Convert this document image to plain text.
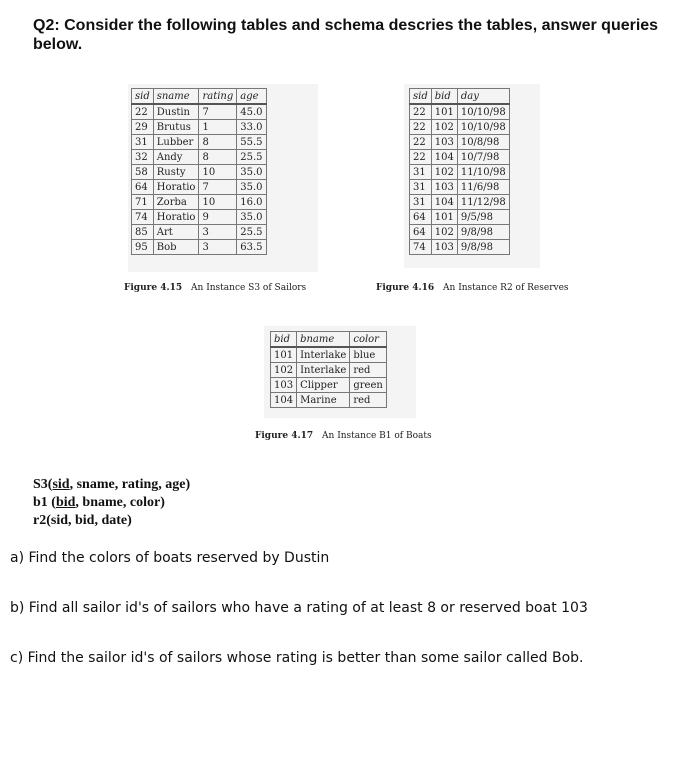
Q2: Consider the following tables and schema descries the tables, answer queries below.
sid	sname	rating	age
22	Dustin	7	45.0
29	Brutus	1	33.0
31	Lubber	8	55.5
32	Andy	8	25.5
58	Rusty	10	35.0
64	Horatio	7	35.0
71	Zorba	10	16.0
74	Horatio	9	35.0
85	Art	3	25.5
95	Bob	3	63.5
Figure 4.15 An Instance S3 of Sailors
sid	bid	day
22	101	10/10/98
22	102	10/10/98
22	103	10/8/98
22	104	10/7/98
31	102	11/10/98
31	103	11/6/98
31	104	11/12/98
64	101	9/5/98
64	102	9/8/98
74	103	9/8/98
Figure 4.16 An Instance R2 of Reserves
bid	bname	color
101	Interlake	blue
102	Interlake	red
103	Clipper	green
104	Marine	red
Figure 4.17 An Instance B1 of Boats
S3(sid, sname, rating, age)
b1 (bid, bname, color)
r2(sid, bid, date)
a) Find the colors of boats reserved by Dustin
b) Find all sailor id's of sailors who have a rating of at least 8 or reserved boat 103
c) Find the sailor id's of sailors whose rating is better than some sailor called Bob.
